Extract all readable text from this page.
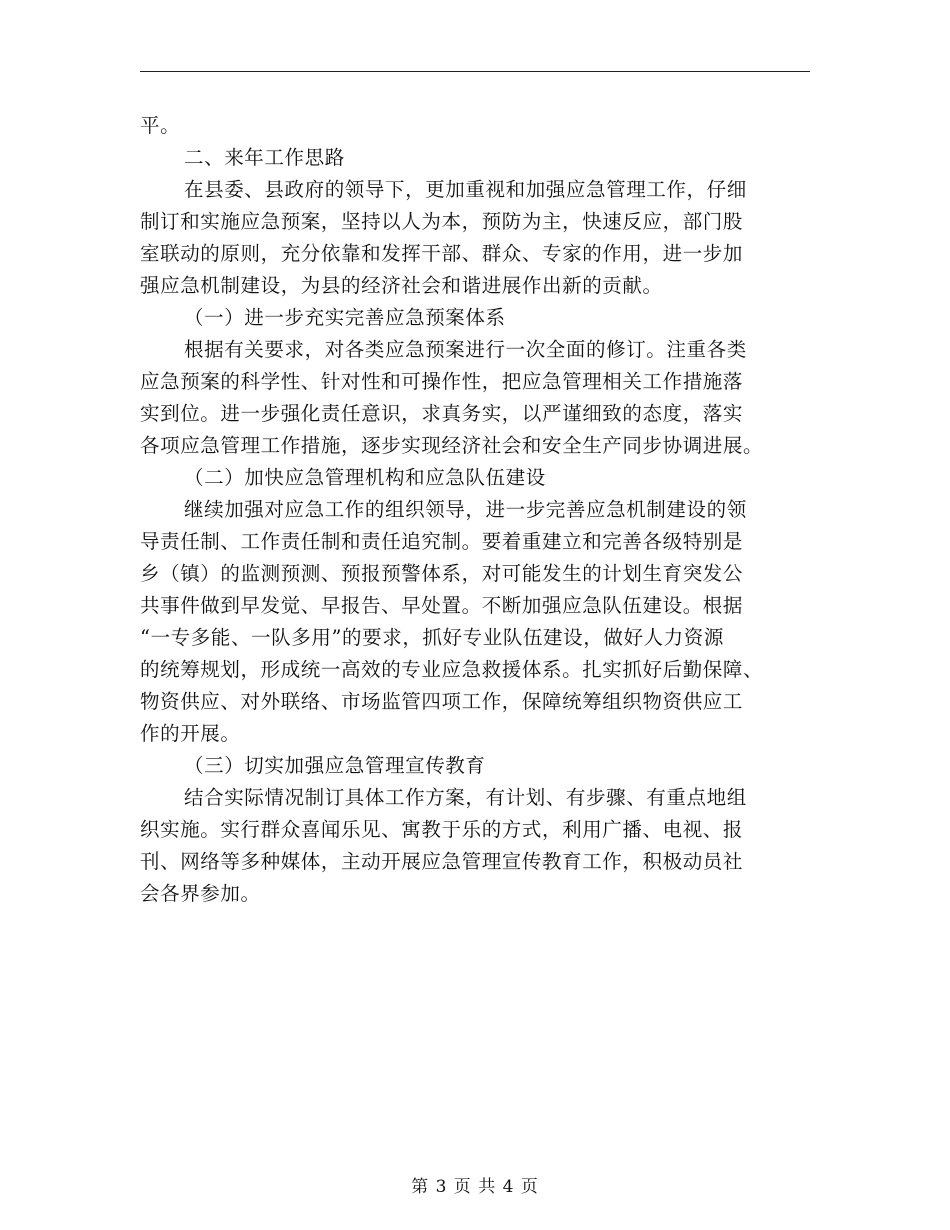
平。
二、来年工作思路
在县委、县政府的领导下，更加重视和加强应急管理工作，仔细
制订和实施应急预案，坚持以人为本，预防为主，快速反应，部门股
室联动的原则，充分依靠和发挥干部、群众、专家的作用，进一步加
强应急机制建设，为县的经济社会和谐进展作出新的贡献。
（一）进一步充实完善应急预案体系
根据有关要求，对各类应急预案进行一次全面的修订。注重各类
应急预案的科学性、针对性和可操作性，把应急管理相关工作措施落
实到位。进一步强化责任意识，求真务实，以严谨细致的态度，落实
各项应急管理工作措施，逐步实现经济社会和安全生产同步协调进展。
（二）加快应急管理机构和应急队伍建设
继续加强对应急工作的组织领导，进一步完善应急机制建设的领
导责任制、工作责任制和责任追究制。要着重建立和完善各级特别是
乡（镇）的监测预测、预报预警体系，对可能发生的计划生育突发公
共事件做到早发觉、早报告、早处置。不断加强应急队伍建设。根据
“一专多能、一队多用”的要求，抓好专业队伍建设，做好人力资源
的统筹规划，形成统一高效的专业应急救援体系。扎实抓好后勤保障、
物资供应、对外联络、市场监管四项工作，保障统筹组织物资供应工
作的开展。
（三）切实加强应急管理宣传教育
结合实际情况制订具体工作方案，有计划、有步骤、有重点地组
织实施。实行群众喜闻乐见、寓教于乐的方式，利用广播、电视、报
刊、网络等多种媒体，主动开展应急管理宣传教育工作，积极动员社
会各界参加。
第 3 页 共 4 页
